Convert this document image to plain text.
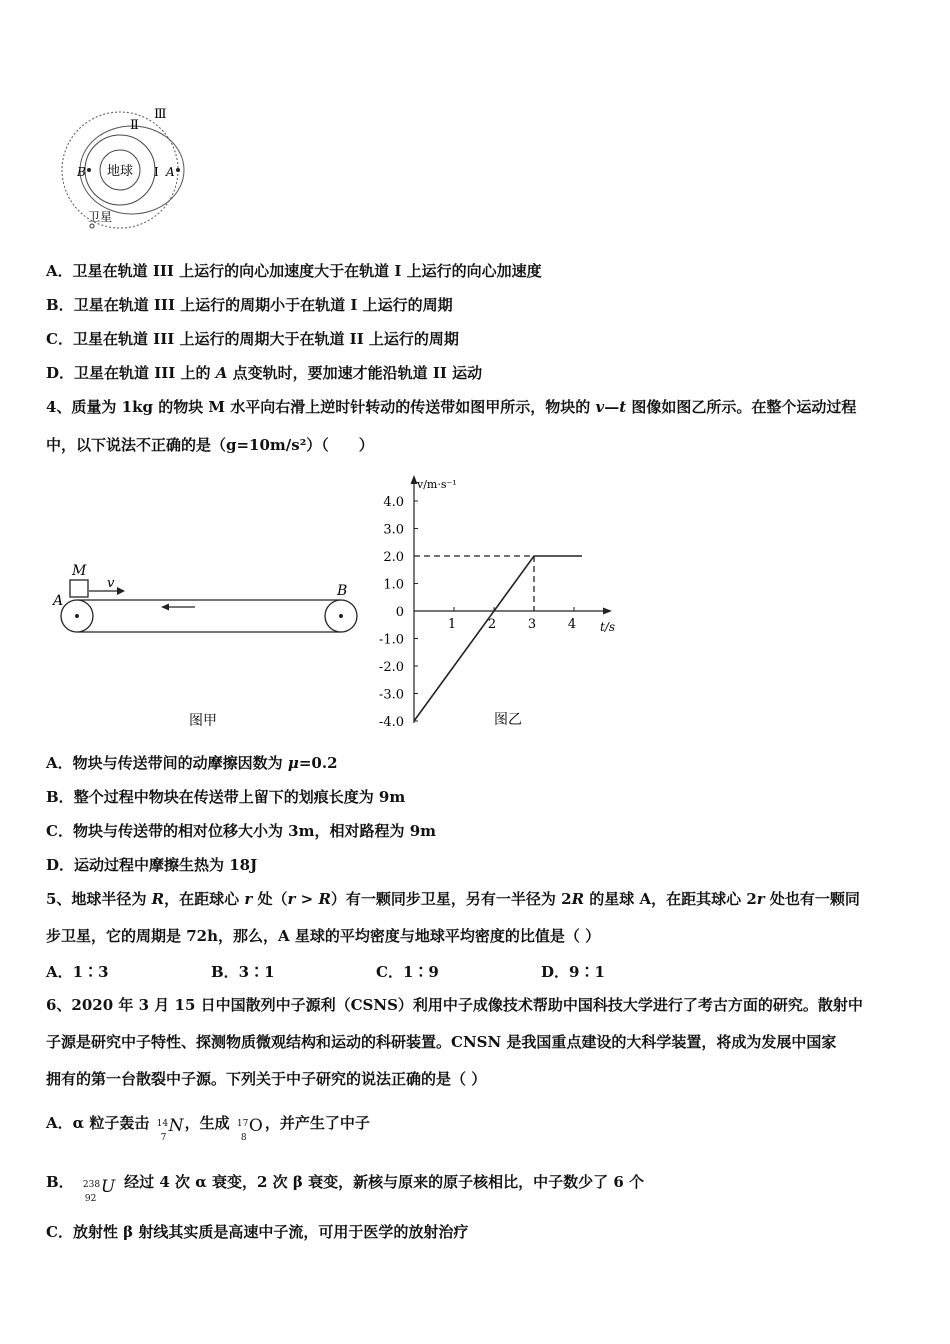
地球 Ⅰ
Ⅱ
Ⅲ
A
B
卫星
A．卫星在轨道 III 上运行的向心加速度大于在轨道 I 上运行的向心加速度
B．卫星在轨道 III 上运行的周期小于在轨道 I 上运行的周期
C．卫星在轨道 III 上运行的周期大于在轨道 II 上运行的周期
D．卫星在轨道 III 上的 A 点变轨时，要加速才能沿轨道 II 运动
4、质量为 1kg 的物块 M 水平向右滑上逆时针转动的传送带如图甲所示，物块的 v—t 图像如图乙所示。在整个运动过程
中，以下说法不正确的是（g=10m/s²）（　　）
M
v
A
B
图甲
v/m·s⁻¹
t/s
4.0
3.0
2.0
1.0
0
-1.0
-2.0
-3.0
-4.0
1 2 3 4
图乙
A．物块与传送带间的动摩擦因数为 μ=0.2
B．整个过程中物块在传送带上留下的划痕长度为 9m
C．物块与传送带的相对位移大小为 3m，相对路程为 9m
D．运动过程中摩擦生热为 18J
5、地球半径为 R，在距球心 r 处（r > R）有一颗同步卫星，另有一半径为 2R 的星球 A，在距其球心 2r 处也有一颗同
步卫星，它的周期是 72h，那么，A 星球的平均密度与地球平均密度的比值是（ ）
A．1∶3	B．3∶1	C．1∶9	D．9∶1
6、2020 年 3 月 15 日中国散列中子源利（CSNS）利用中子成像技术帮助中国科技大学进行了考古方面的研究。散射中
子源是研究中子特性、探测物质微观结构和运动的科研装置。CNSN 是我国重点建设的大科学装置，将成为发展中国家
拥有的第一台散裂中子源。下列关于中子研究的说法正确的是（ ）
A．α 粒子轰击 14
7
N ，生成 17
8
O ，并产生了中子
B． 238
92
U 经过 4 次 α 衰变，2 次 β 衰变，新核与原来的原子核相比，中子数少了 6 个
C．放射性 β 射线其实质是高速中子流，可用于医学的放射治疗
